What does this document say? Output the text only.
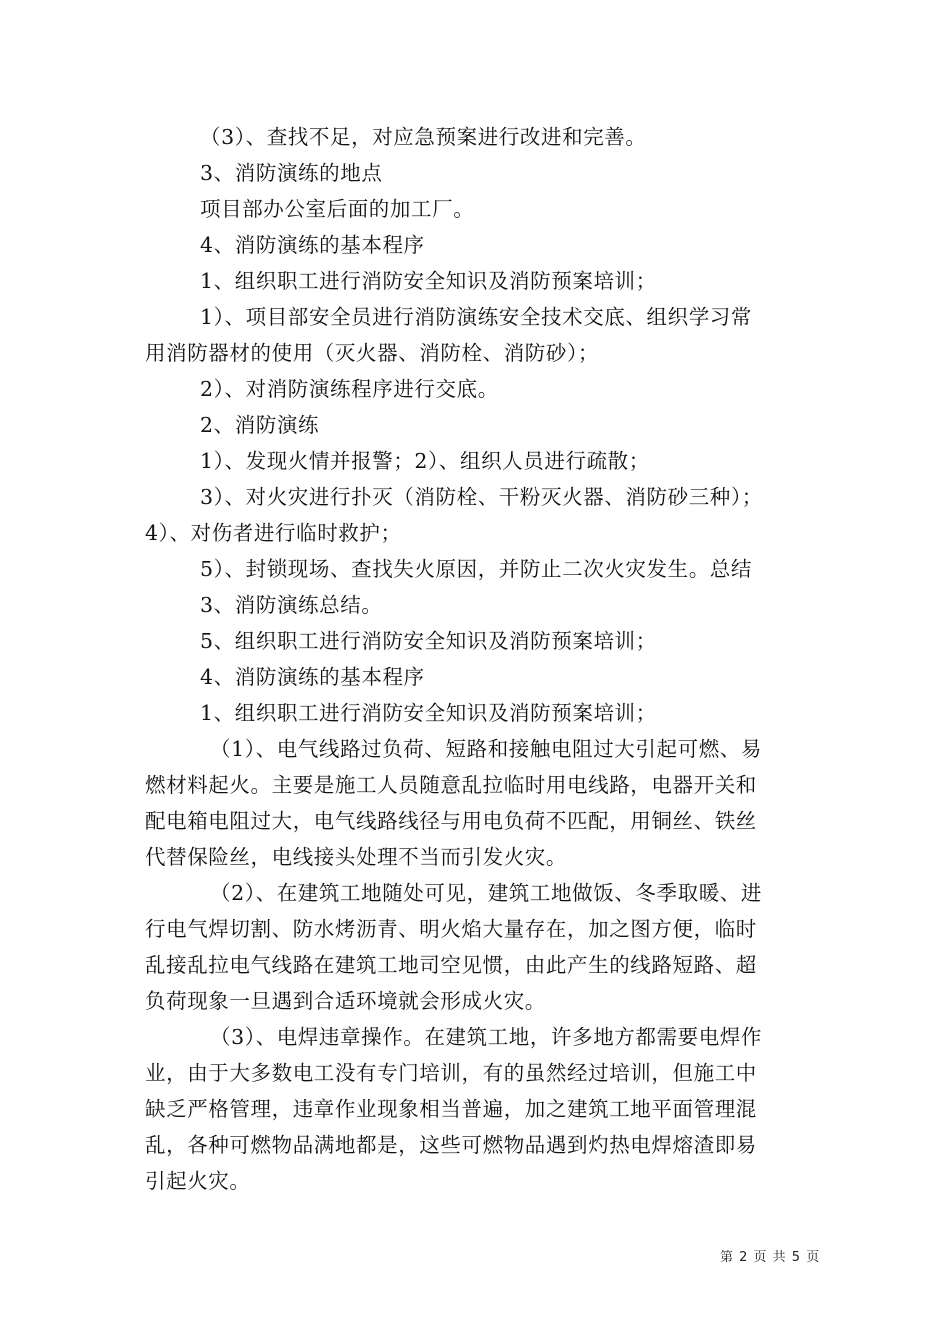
（3）、查找不足，对应急预案进行改进和完善。
3、消防演练的地点
项目部办公室后面的加工厂。
4、消防演练的基本程序
1、组织职工进行消防安全知识及消防预案培训；
1）、项目部安全员进行消防演练安全技术交底、组织学习常
用消防器材的使用（灭火器、消防栓、消防砂）；
2）、对消防演练程序进行交底。
2、消防演练
1）、发现火情并报警；2）、组织人员进行疏散；
3）、对火灾进行扑灭（消防栓、干粉灭火器、消防砂三种）；
4）、对伤者进行临时救护；
5）、封锁现场、查找失火原因，并防止二次火灾发生。总结
3、消防演练总结。
5、组织职工进行消防安全知识及消防预案培训；
4、消防演练的基本程序
1、组织职工进行消防安全知识及消防预案培训；
（1）、电气线路过负荷、短路和接触电阻过大引起可燃、易
燃材料起火。主要是施工人员随意乱拉临时用电线路，电器开关和
配电箱电阻过大，电气线路线径与用电负荷不匹配，用铜丝、铁丝
代替保险丝，电线接头处理不当而引发火灾。
（2）、在建筑工地随处可见，建筑工地做饭、冬季取暖、进
行电气焊切割、防水烤沥青、明火焰大量存在，加之图方便，临时
乱接乱拉电气线路在建筑工地司空见惯，由此产生的线路短路、超
负荷现象一旦遇到合适环境就会形成火灾。
（3）、电焊违章操作。在建筑工地，许多地方都需要电焊作
业，由于大多数电工没有专门培训，有的虽然经过培训，但施工中
缺乏严格管理，违章作业现象相当普遍，加之建筑工地平面管理混
乱，各种可燃物品满地都是，这些可燃物品遇到灼热电焊熔渣即易
引起火灾。
第 2 页 共 5 页
